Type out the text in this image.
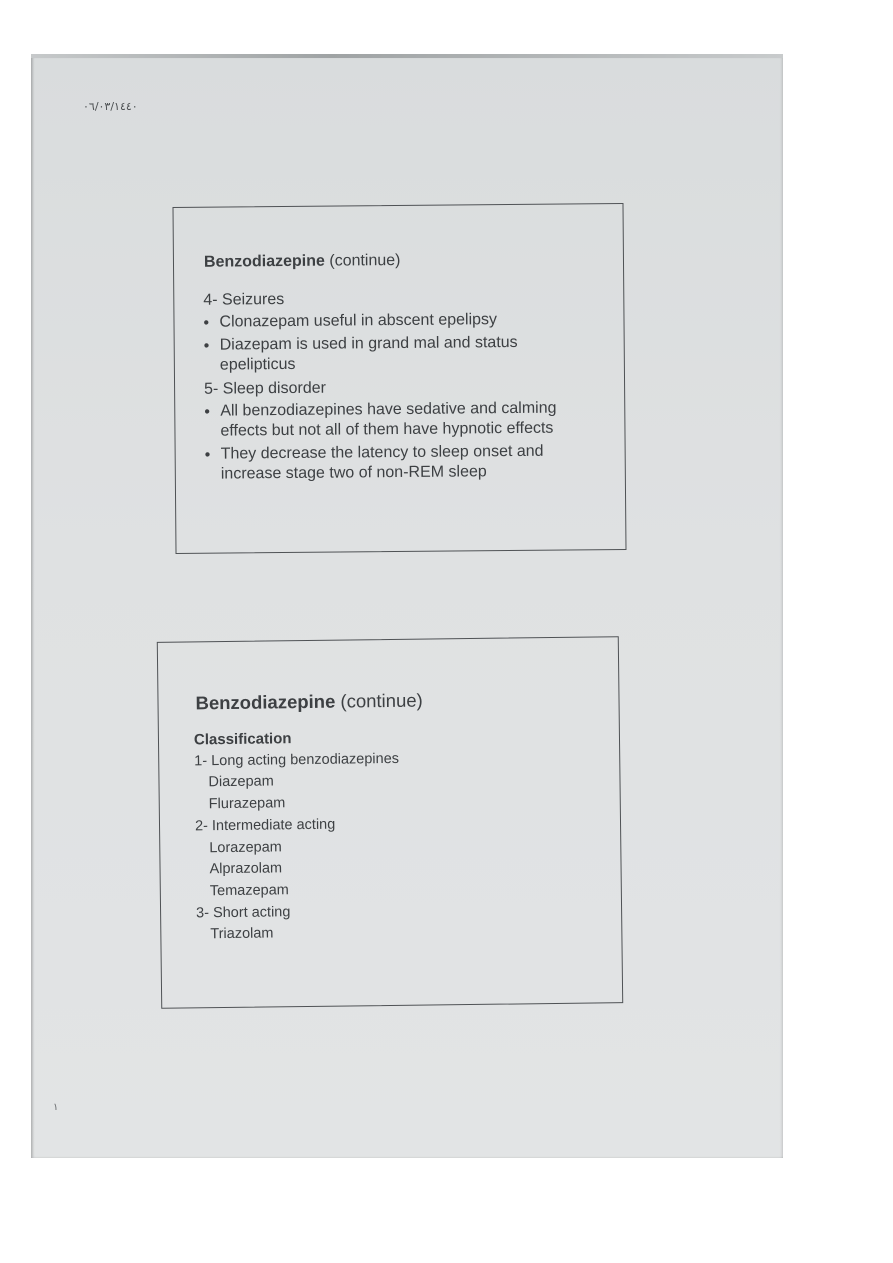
٠٦/٠٣/١٤٤٠
Benzodiazepine (continue)
4- Seizures
• Clonazepam useful in abscent epelipsy
• Diazepam is used in grand mal and status epelipticus
5- Sleep disorder
• All benzodiazepines have sedative and calming effects but not all of them have hypnotic effects
• They decrease the latency to sleep onset and increase stage two of non-REM sleep
Benzodiazepine (continue)
Classification
1- Long acting benzodiazepines
Diazepam
Flurazepam
2- Intermediate acting
Lorazepam
Alprazolam
Temazepam
3- Short acting
Triazolam
١
